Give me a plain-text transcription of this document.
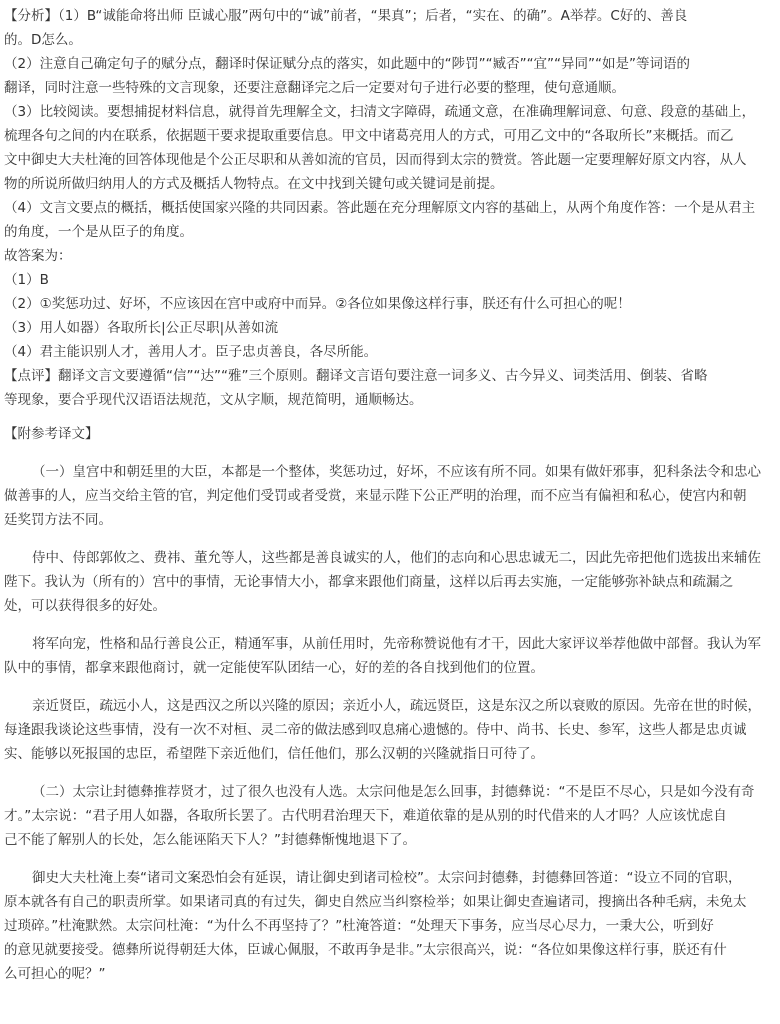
【分析】（1）B“诚能命将出师 臣诚心服”两句中的“诚”前者，“果真”；后者，“实在、的确”。A举荐。C好的、善良
的。D怎么。
（2）注意自己确定句子的赋分点，翻译时保证赋分点的落实，如此题中的“陟罚”“臧否”“宜”“异同”“如是”等词语的
翻译，同时注意一些特殊的文言现象，还要注意翻译完之后一定要对句子进行必要的整理，使句意通顺。
（3）比较阅读。要想捕捉材料信息，就得首先理解全文，扫清文字障碍，疏通文意，在准确理解词意、句意、段意的基础上，
梳理各句之间的内在联系，依据题干要求提取重要信息。甲文中诸葛亮用人的方式，可用乙文中的“各取所长”来概括。而乙
文中御史大夫杜淹的回答体现他是个公正尽职和从善如流的官员，因而得到太宗的赞赏。答此题一定要理解好原文内容，从人
物的所说所做归纳用人的方式及概括人物特点。在文中找到关键句或关键词是前提。
（4）文言文要点的概括，概括使国家兴隆的共同因素。答此题在充分理解原文内容的基础上，从两个角度作答：一个是从君主
的角度，一个是从臣子的角度。
故答案为：
（1）B
（2）①奖惩功过、好坏，不应该因在宫中或府中而异。②各位如果像这样行事，朕还有什么可担心的呢！
（3）用人如器）各取所长|公正尽职|从善如流
（4）君主能识别人才，善用人才。臣子忠贞善良，各尽所能。
【点评】翻译文言文要遵循“信”“达”“雅”三个原则。翻译文言语句要注意一词多义、古今异义、词类活用、倒装、省略
等现象，要合乎现代汉语语法规范，文从字顺，规范简明，通顺畅达。
【附参考译文】
（一）皇宫中和朝廷里的大臣，本都是一个整体，奖惩功过，好坏，不应该有所不同。如果有做奸邪事，犯科条法令和忠心
做善事的人，应当交给主管的官，判定他们受罚或者受赏，来显示陛下公正严明的治理，而不应当有偏袒和私心，使宫内和朝
廷奖罚方法不同。
侍中、侍郎郭攸之、费祎、董允等人，这些都是善良诚实的人，他们的志向和心思忠诚无二，因此先帝把他们选拔出来辅佐
陛下。我认为（所有的）宫中的事情，无论事情大小，都拿来跟他们商量，这样以后再去实施，一定能够弥补缺点和疏漏之
处，可以获得很多的好处。
将军向宠，性格和品行善良公正，精通军事，从前任用时，先帝称赞说他有才干，因此大家评议举荐他做中部督。我认为军
队中的事情，都拿来跟他商讨，就一定能使军队团结一心，好的差的各自找到他们的位置。
亲近贤臣，疏远小人，这是西汉之所以兴隆的原因；亲近小人，疏远贤臣，这是东汉之所以衰败的原因。先帝在世的时候，
每逢跟我谈论这些事情，没有一次不对桓、灵二帝的做法感到叹息痛心遗憾的。侍中、尚书、长史、参军，这些人都是忠贞诚
实、能够以死报国的忠臣，希望陛下亲近他们，信任他们，那么汉朝的兴隆就指日可待了。
（二）太宗让封德彝推荐贤才，过了很久也没有人选。太宗问他是怎么回事，封德彝说：“不是臣不尽心，只是如今没有奇
才。”太宗说：“君子用人如器，各取所长罢了。古代明君治理天下，难道依靠的是从别的时代借来的人才吗？人应该忧虑自
己不能了解别人的长处，怎么能诬陷天下人？”封德彝惭愧地退下了。
御史大夫杜淹上奏“诸司文案恐怕会有延误，请让御史到诸司检校”。太宗问封德彝，封德彝回答道：“设立不同的官职，
原本就各有自己的职责所掌。如果诸司真的有过失，御史自然应当纠察检举；如果让御史查遍诸司，搜摘出各种毛病，未免太
过琐碎。”杜淹默然。太宗问杜淹：“为什么不再坚持了？”杜淹答道：“处理天下事务，应当尽心尽力，一秉大公，听到好
的意见就要接受。德彝所说得朝廷大体，臣诚心佩服，不敢再争是非。”太宗很高兴，说：“各位如果像这样行事，朕还有什
么可担心的呢？”
